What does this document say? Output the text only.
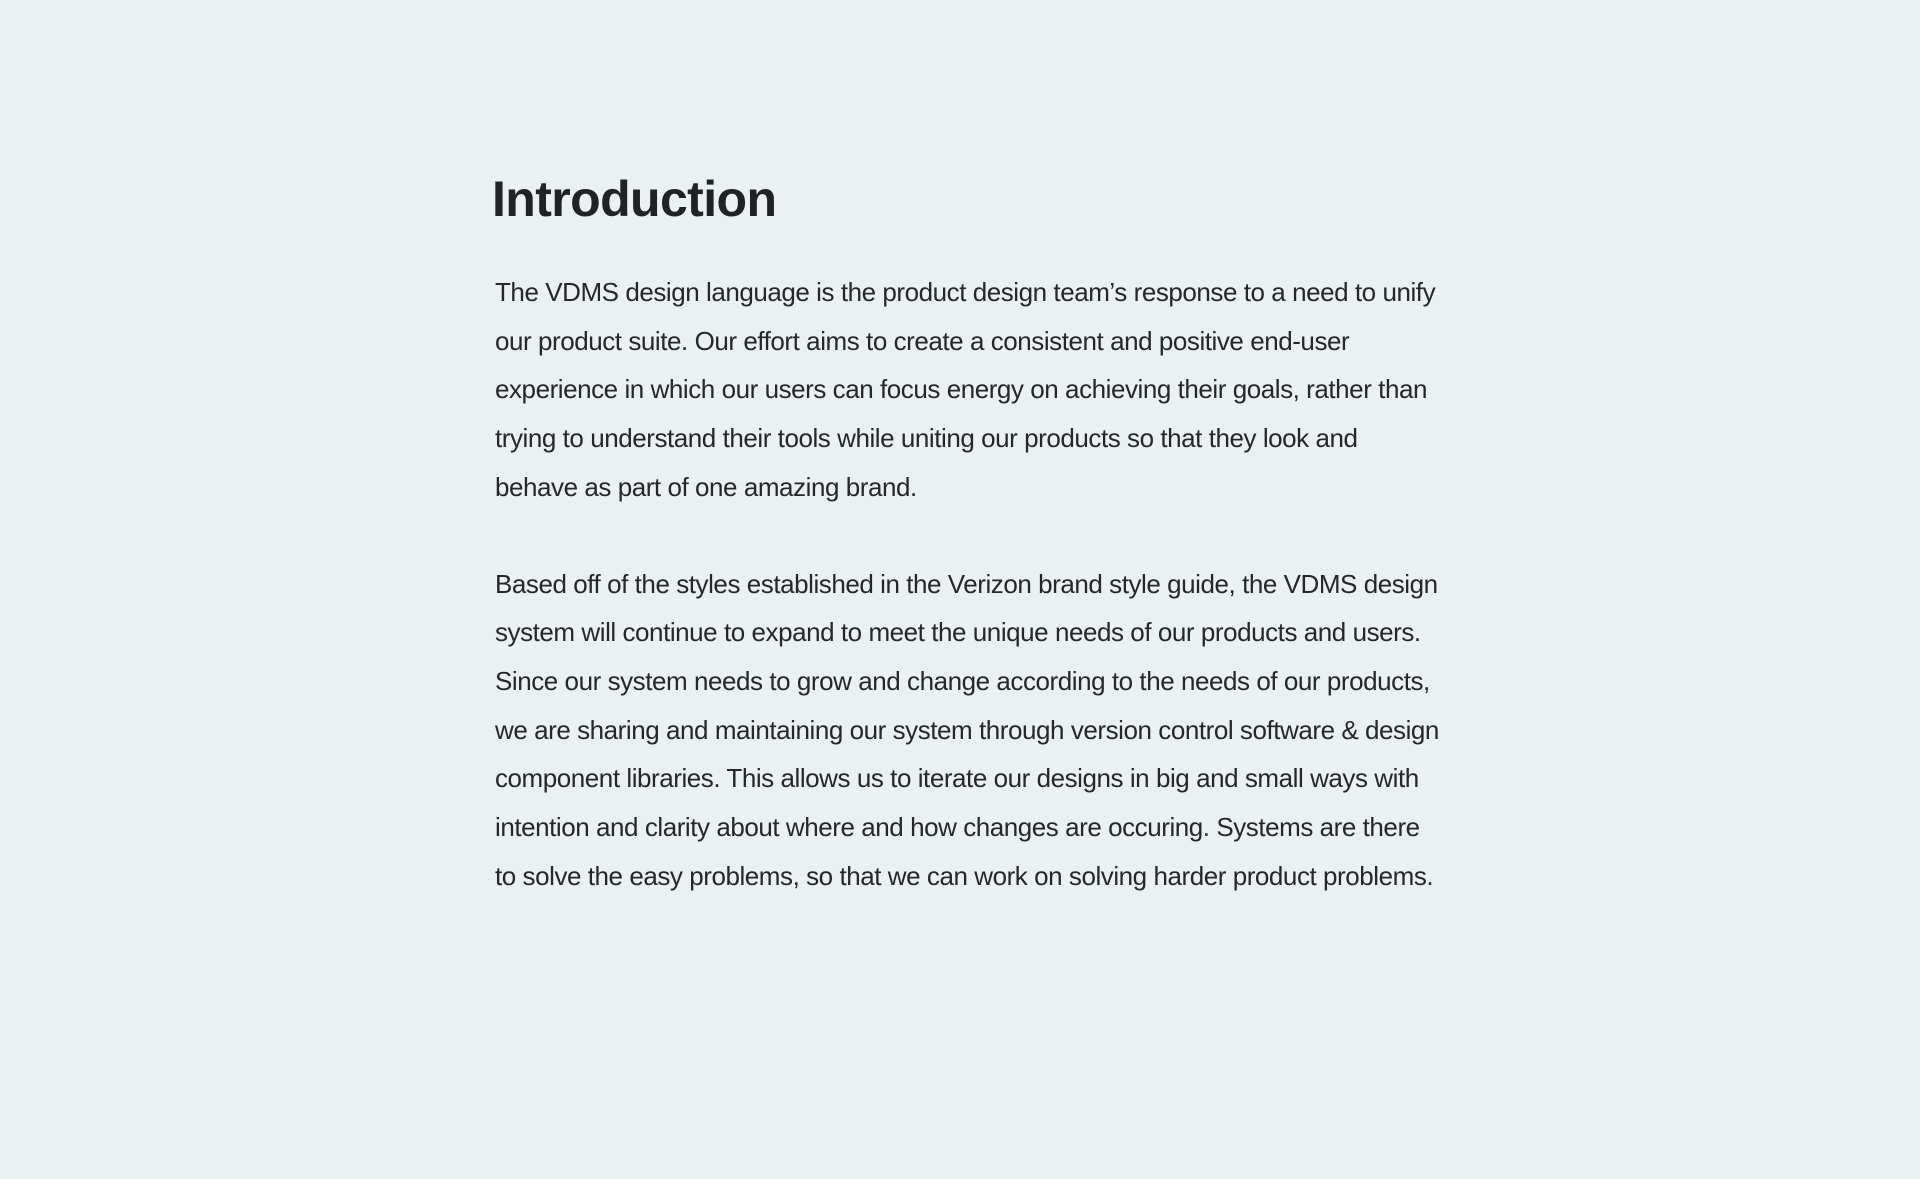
Introduction

The VDMS design language is the product design team’s response to a need to unify our product suite. Our effort aims to create a consistent and positive end-user experience in which our users can focus energy on achieving their goals, rather than trying to understand their tools while uniting our products so that they look and behave as part of one amazing brand.

Based off of the styles established in the Verizon brand style guide, the VDMS design system will continue to expand to meet the unique needs of our products and users. Since our system needs to grow and change according to the needs of our products, we are sharing and maintaining our system through version control software & design component libraries. This allows us to iterate our designs in big and small ways with intention and clarity about where and how changes are occuring. Systems are there to solve the easy problems, so that we can work on solving harder product problems.
